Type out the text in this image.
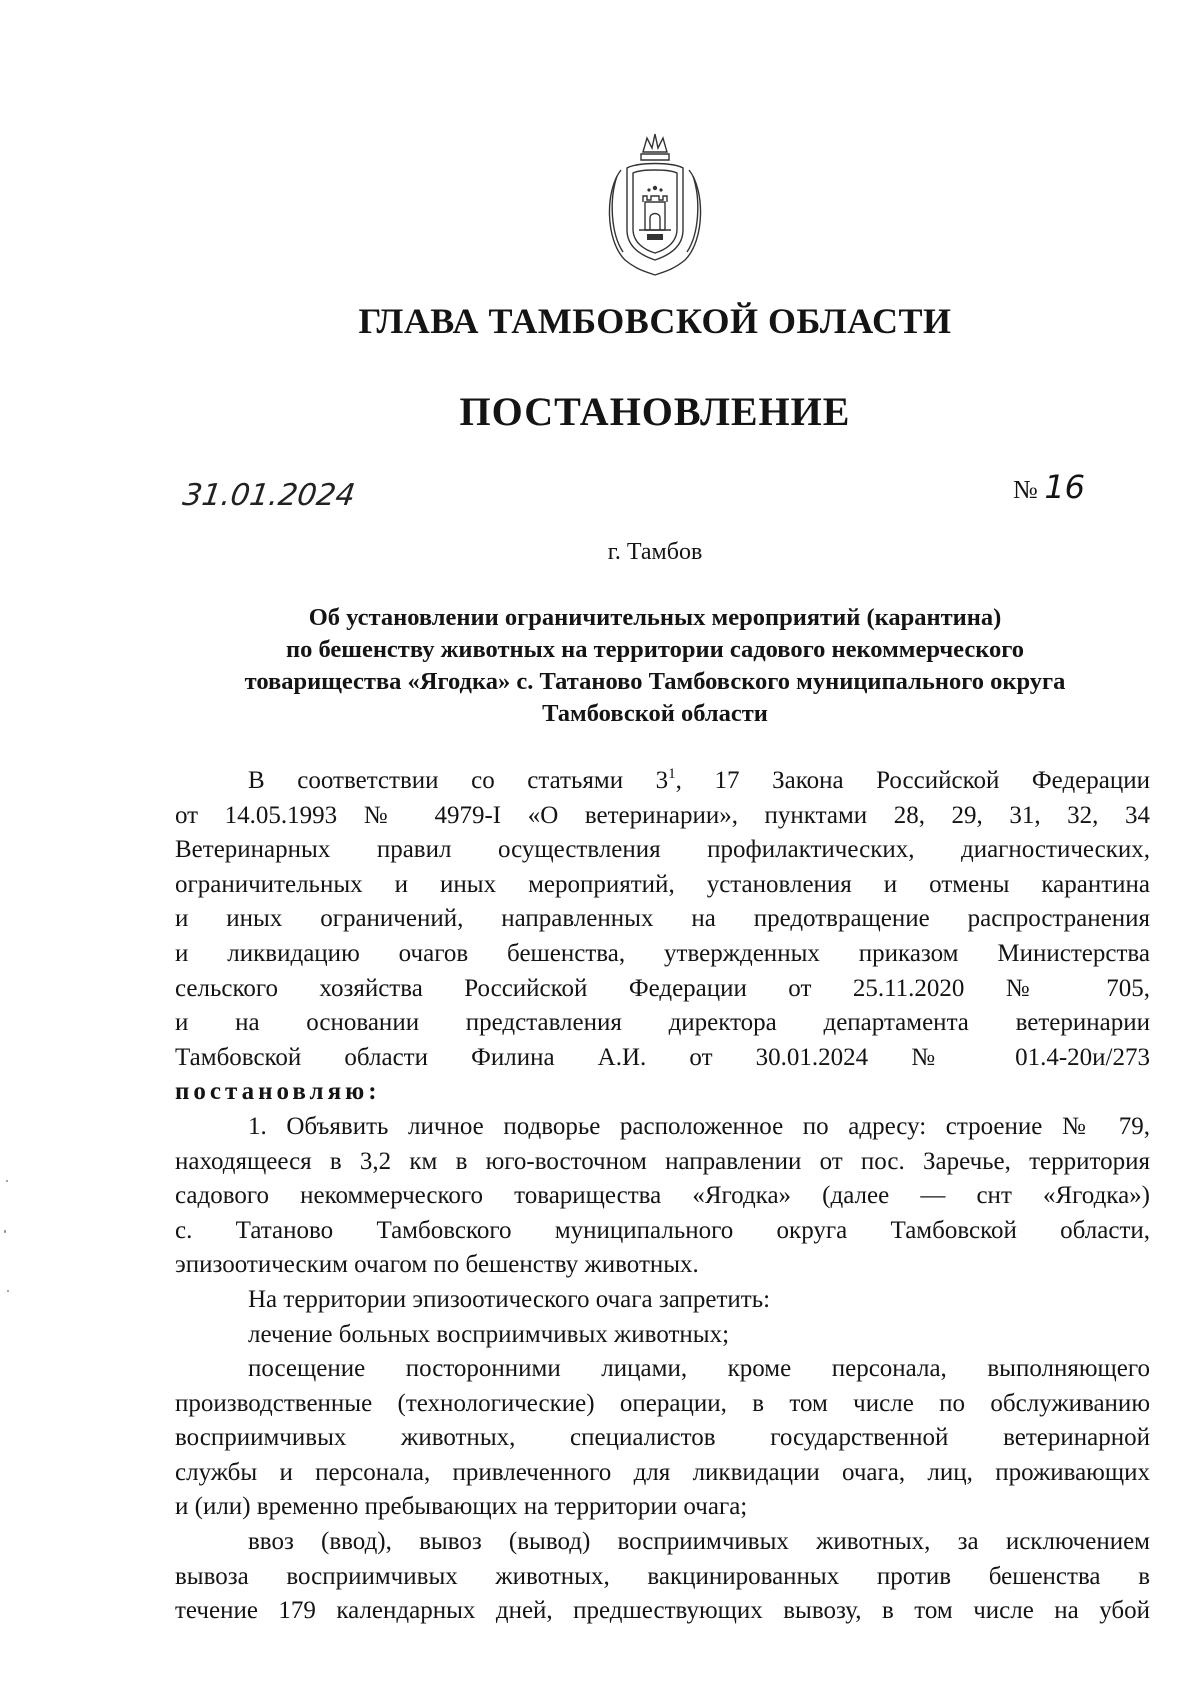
ГЛАВА ТАМБОВСКОЙ ОБЛАСТИ
ПОСТАНОВЛЕНИЕ
31.01.2024	№ 16
г. Тамбов
Об установлении ограничительных мероприятий (карантина)
по бешенству животных на территории садового некоммерческого
товарищества «Ягодка» с. Татаново Тамбовского муниципального округа
Тамбовской области
В соответствии со статьями $3^1$, 17 Закона Российской Федерации
от 14.05.1993 № 4979-I «О ветеринарии», пунктами 28, 29, 31, 32, 34
Ветеринарных правил осуществления профилактических, диагностических,
ограничительных и иных мероприятий, установления и отмены карантина
и иных ограничений, направленных на предотвращение распространения
и ликвидацию очагов бешенства, утвержденных приказом Министерства
сельского хозяйства Российской Федерации от 25.11.2020 № 705,
и на основании представления директора департамента ветеринарии
Тамбовской области Филина А.И. от 30.01.2024 № 01.4-20и/273
постановляю:
1. Объявить личное подворье расположенное по адресу: строение № 79,
находящееся в 3,2 км в юго-восточном направлении от пос. Заречье, территория
садового некоммерческого товарищества «Ягодка» (далее — снт «Ягодка»)
с. Татаново Тамбовского муниципального округа Тамбовской области,
эпизоотическим очагом по бешенству животных.
На территории эпизоотического очага запретить:
лечение больных восприимчивых животных;
посещение посторонними лицами, кроме персонала, выполняющего
производственные (технологические) операции, в том числе по обслуживанию
восприимчивых животных, специалистов государственной ветеринарной
службы и персонала, привлеченного для ликвидации очага, лиц, проживающих
и (или) временно пребывающих на территории очага;
ввоз (ввод), вывоз (вывод) восприимчивых животных, за исключением
вывоза восприимчивых животных, вакцинированных против бешенства в
течение 179 календарных дней, предшествующих вывозу, в том числе на убой
